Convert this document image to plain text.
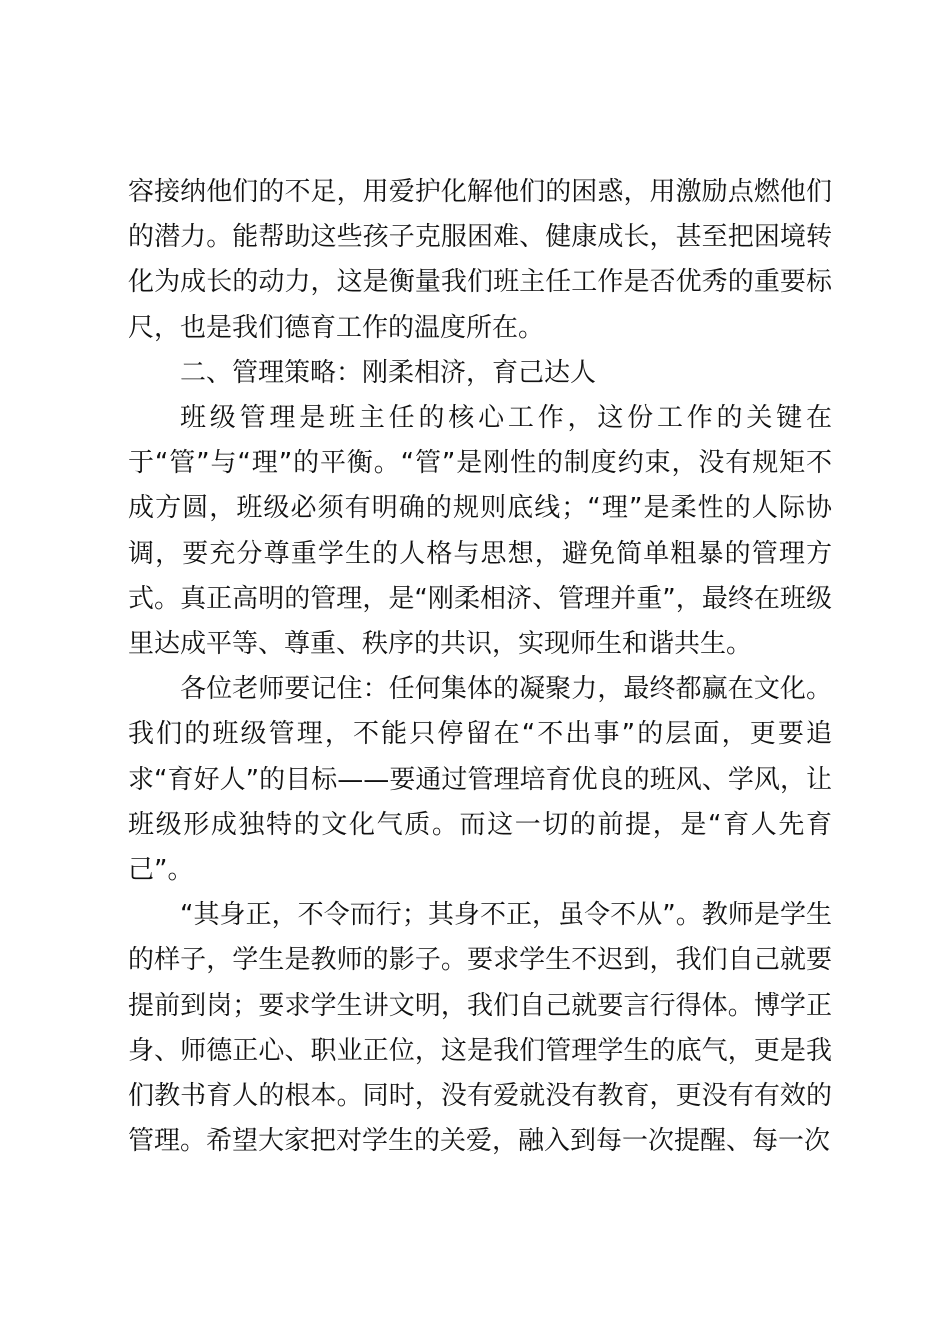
容接纳他们的不足，用爱护化解他们的困惑，用激励点燃他们的潜力。能帮助这些孩子克服困难、健康成长，甚至把困境转化为成长的动力，这是衡量我们班主任工作是否优秀的重要标尺，也是我们德育工作的温度所在。

二、管理策略：刚柔相济，育己达人

班级管理是班主任的核心工作，这份工作的关键在于“管”与“理”的平衡。“管”是刚性的制度约束，没有规矩不成方圆，班级必须有明确的规则底线；“理”是柔性的人际协调，要充分尊重学生的人格与思想，避免简单粗暴的管理方式。真正高明的管理，是“刚柔相济、管理并重”，最终在班级里达成平等、尊重、秩序的共识，实现师生和谐共生。

各位老师要记住：任何集体的凝聚力，最终都赢在文化。我们的班级管理，不能只停留在“不出事”的层面，更要追求“育好人”的目标——要通过管理培育优良的班风、学风，让班级形成独特的文化气质。而这一切的前提，是“育人先育己”。

“其身正，不令而行；其身不正，虽令不从”。教师是学生的样子，学生是教师的影子。要求学生不迟到，我们自己就要提前到岗；要求学生讲文明，我们自己就要言行得体。博学正身、师德正心、职业正位，这是我们管理学生的底气，更是我们教书育人的根本。同时，没有爱就没有教育，更没有有效的管理。希望大家把对学生的关爱，融入到每一次提醒、每一次
